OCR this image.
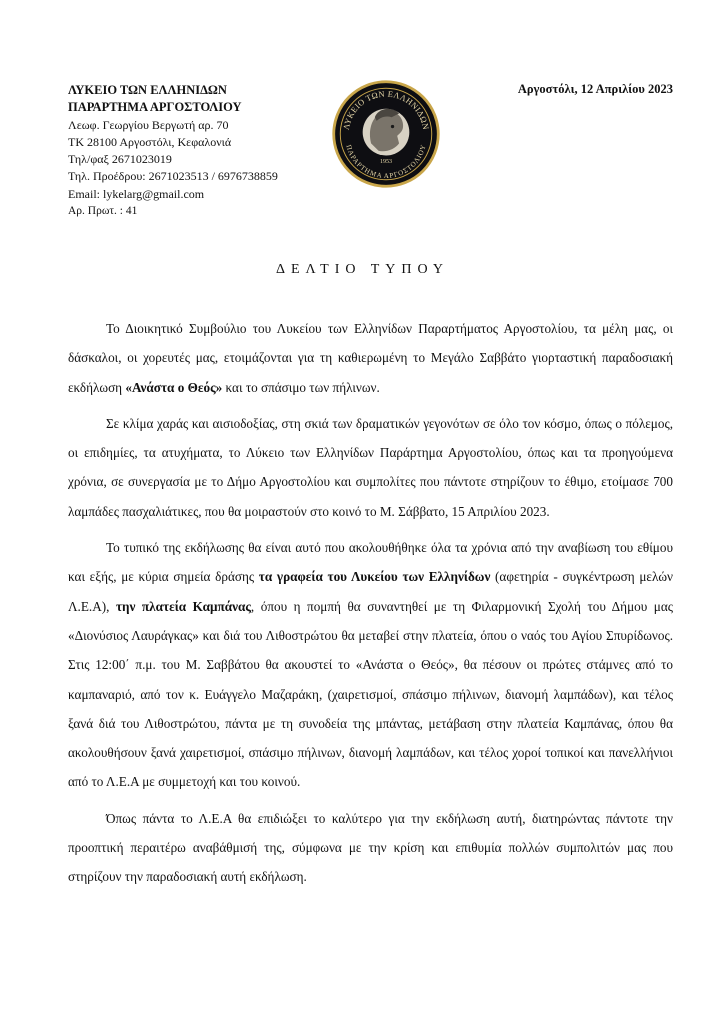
ΛΥΚΕΙΟ ΤΩΝ ΕΛΛΗΝΙΔΩΝ
ΠΑΡΑΡΤΗΜΑ ΑΡΓΟΣΤΟΛΙΟΥ
Λεωφ. Γεωργίου Βεργωτή αρ. 70
ΤΚ 28100 Αργοστόλι, Κεφαλονιά
Τηλ/φαξ 2671023019
Τηλ. Προέδρου: 2671023513 / 6976738859
Email: lykelarg@gmail.com
Αρ. Πρωτ. : 41
Αργοστόλι, 12 Απριλίου 2023
ΛΥΚΕΙΟ ΤΩΝ ΕΛΛΗΝΙΔΩΝ
ΠΑΡΑΡΤΗΜΑ ΑΡΓΟΣΤΟΛΙΟΥ
1953
ΔΕΛΤΙΟ ΤΥΠΟΥ

Το Διοικητικό Συμβούλιο του Λυκείου των Ελληνίδων Παραρτήματος Αργοστολίου, τα μέλη μας, οι δάσκαλοι, οι χορευτές μας, ετοιμάζονται για τη καθιερωμένη το Μεγάλο Σαββάτο γιορταστική παραδοσιακή εκδήλωση «Ανάστα ο Θεός» και το σπάσιμο των πήλινων.

Σε κλίμα χαράς και αισιοδοξίας, στη σκιά των δραματικών γεγονότων σε όλο τον κόσμο, όπως ο πόλεμος, οι επιδημίες, τα ατυχήματα, το Λύκειο των Ελληνίδων Παράρτημα Αργοστολίου, όπως και τα προηγούμενα χρόνια, σε συνεργασία με το Δήμο Αργοστολίου και συμπολίτες που πάντοτε στηρίζουν το έθιμο, ετοίμασε 700 λαμπάδες πασχαλιάτικες, που θα μοιραστούν στο κοινό το Μ. Σάββατο, 15 Απριλίου 2023.

Το τυπικό της εκδήλωσης θα είναι αυτό που ακολουθήθηκε όλα τα χρόνια από την αναβίωση του εθίμου και εξής, με κύρια σημεία δράσης τα γραφεία του Λυκείου των Ελληνίδων (αφετηρία - συγκέντρωση μελών Λ.Ε.Α), την πλατεία Καμπάνας, όπου η πομπή θα συναντηθεί με τη Φιλαρμονική Σχολή του Δήμου μας «Διονύσιος Λαυράγκας» και διά του Λιθοστρώτου θα μεταβεί στην πλατεία, όπου ο ναός του Αγίου Σπυρίδωνος. Στις 12:00΄ π.μ. του Μ. Σαββάτου θα ακουστεί το «Ανάστα ο Θεός», θα πέσουν οι πρώτες στάμνες από το καμπαναριό, από τον κ. Ευάγγελο Μαζαράκη, (χαιρετισμοί, σπάσιμο πήλινων, διανομή λαμπάδων), και τέλος ξανά διά του Λιθοστρώτου, πάντα με τη συνοδεία της μπάντας, μετάβαση στην πλατεία Καμπάνας, όπου θα ακολουθήσουν ξανά χαιρετισμοί, σπάσιμο πήλινων, διανομή λαμπάδων, και τέλος χοροί τοπικοί και πανελλήνιοι από το Λ.Ε.Α με συμμετοχή και του κοινού.

Όπως πάντα το Λ.Ε.Α θα επιδιώξει το καλύτερο για την εκδήλωση αυτή, διατηρώντας πάντοτε την προοπτική περαιτέρω αναβάθμισή της, σύμφωνα με την κρίση και επιθυμία πολλών συμπολιτών μας που στηρίζουν την παραδοσιακή αυτή εκδήλωση.
